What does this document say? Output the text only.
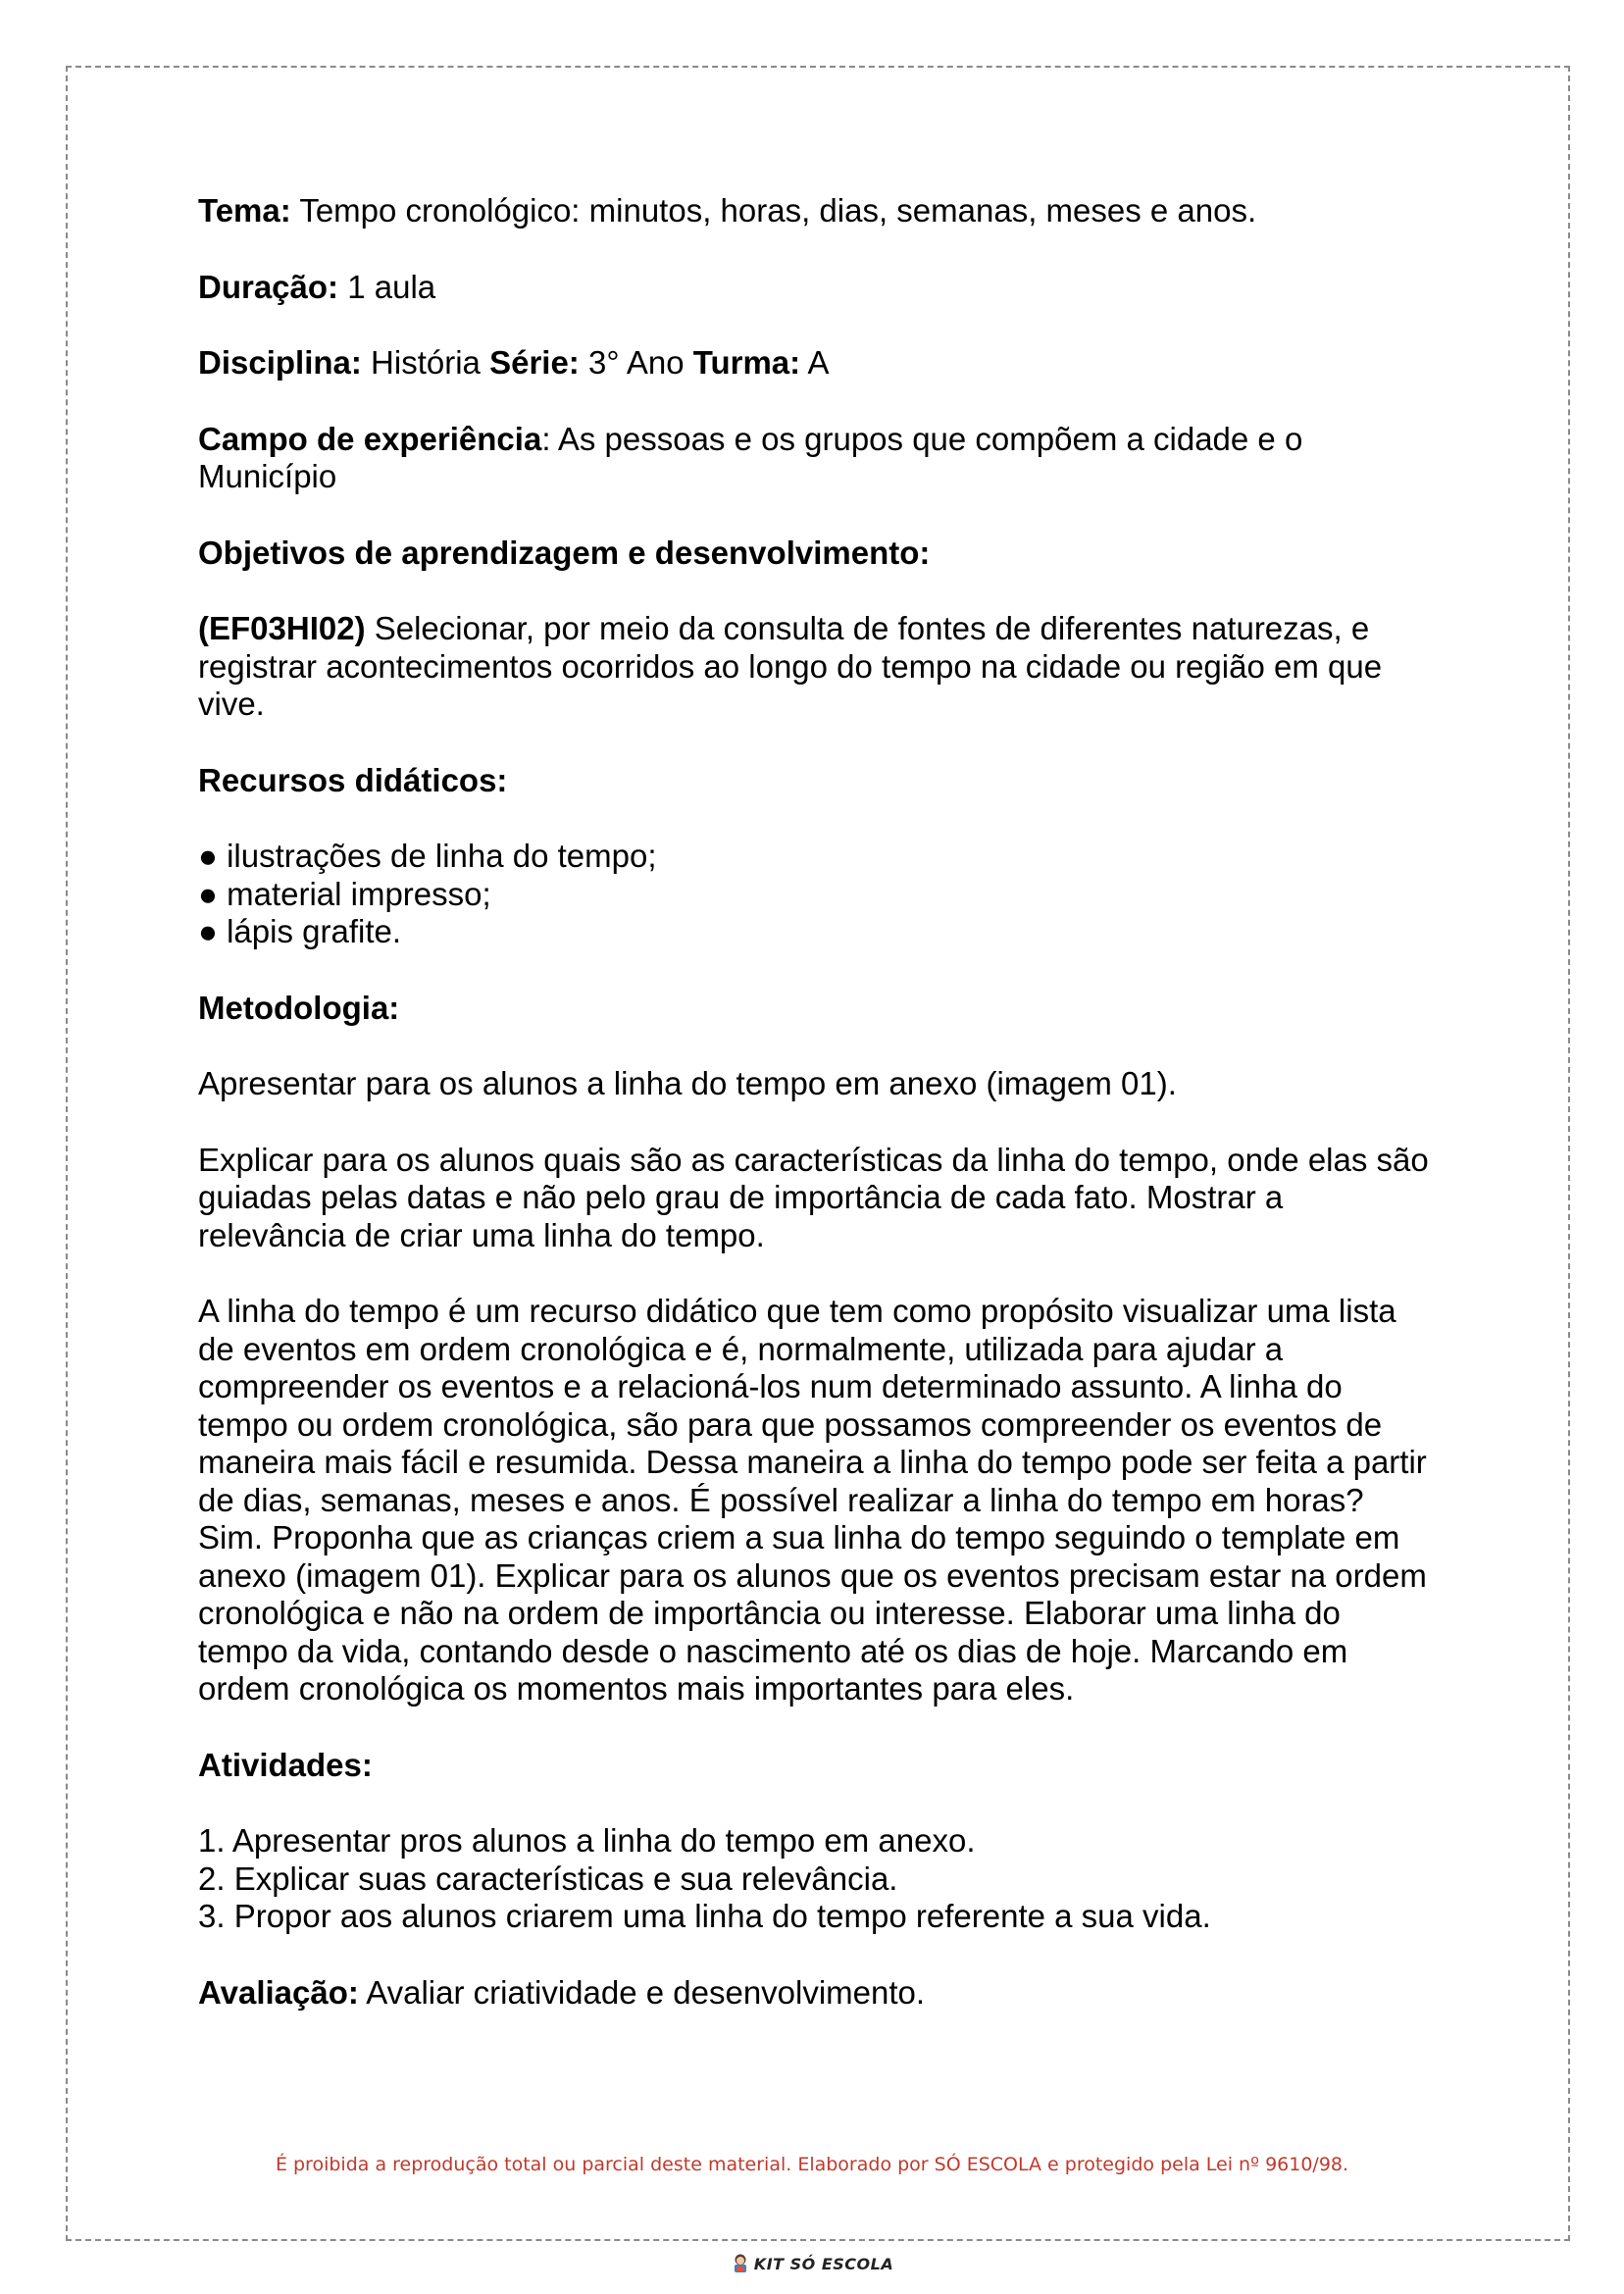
Tema: Tempo cronológico: minutos, horas, dias, semanas, meses e anos.

Duração: 1 aula

Disciplina: História Série: 3° Ano Turma: A

Campo de experiência: As pessoas e os grupos que compõem a cidade e o Município

Objetivos de aprendizagem e desenvolvimento:

(EF03HI02) Selecionar, por meio da consulta de fontes de diferentes naturezas, e registrar acontecimentos ocorridos ao longo do tempo na cidade ou região em que vive.

Recursos didáticos:

● ilustrações de linha do tempo;
● material impresso;
● lápis grafite.

Metodologia:

Apresentar para os alunos a linha do tempo em anexo (imagem 01).

Explicar para os alunos quais são as características da linha do tempo, onde elas são guiadas pelas datas e não pelo grau de importância de cada fato. Mostrar a relevância de criar uma linha do tempo.

A linha do tempo é um recurso didático que tem como propósito visualizar uma lista de eventos em ordem cronológica e é, normalmente, utilizada para ajudar a compreender os eventos e a relacioná-los num determinado assunto. A linha do tempo ou ordem cronológica, são para que possamos compreender os eventos de maneira mais fácil e resumida. Dessa maneira a linha do tempo pode ser feita a partir de dias, semanas, meses e anos. É possível realizar a linha do tempo em horas? Sim. Proponha que as crianças criem a sua linha do tempo seguindo o template em anexo (imagem 01). Explicar para os alunos que os eventos precisam estar na ordem cronológica e não na ordem de importância ou interesse. Elaborar uma linha do tempo da vida, contando desde o nascimento até os dias de hoje. Marcando em ordem cronológica os momentos mais importantes para eles.

Atividades:

1. Apresentar pros alunos a linha do tempo em anexo.
2. Explicar suas características e sua relevância.
3. Propor aos alunos criarem uma linha do tempo referente a sua vida.

Avaliação: Avaliar criatividade e desenvolvimento.

É proibida a reprodução total ou parcial deste material. Elaborado por SÓ ESCOLA e protegido pela Lei nº 9610/98.
KIT SÓ ESCOLA
